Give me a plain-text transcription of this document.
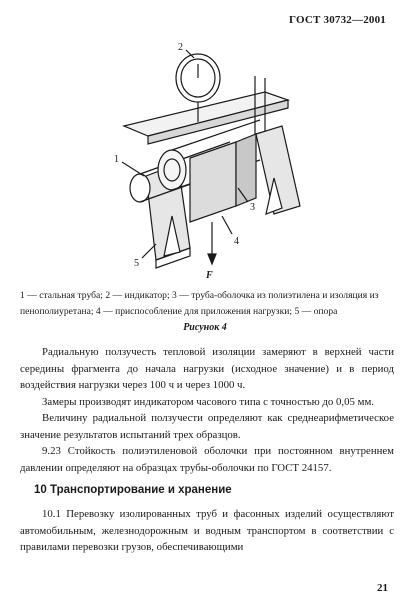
ГОСТ 30732—2001
1
2
3
4
5
F
1 — стальная труба; 2 — индикатор; 3 — труба-оболочка из полиэтилена и изоляция из пенополиуретана; 4 — приспособление для приложения нагрузки; 5 — опора
Рисунок 4

Радиальную ползучесть тепловой изоляции замеряют в верхней части середины фрагмента до начала нагрузки (исходное значение) и в период воздействия нагрузки через 100 ч и через 1000 ч.

Замеры производят индикатором часового типа с точностью до 0,05 мм.

Величину радиальной ползучести определяют как среднеарифметическое значение результатов испытаний трех образцов.

9.23 Стойкость полиэтиленовой оболочки при постоянном внутреннем давлении определяют на образцах трубы-оболочки по ГОСТ 24157.

10 Транспортирование и хранение

10.1 Перевозку изолированных труб и фасонных изделий осуществляют автомобильным, железнодорожным и водным транспортом в соответствии с правилами перевозки грузов, обеспечивающими

21
